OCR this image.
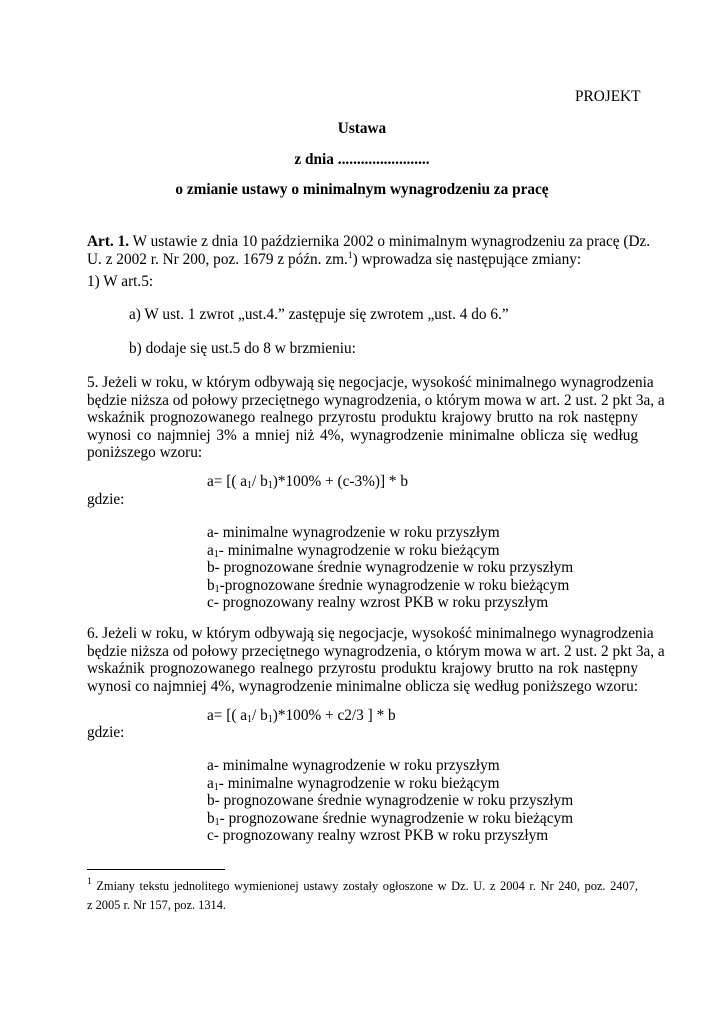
PROJEKT
Ustawa
z dnia ........................
o zmianie ustawy o minimalnym wynagrodzeniu za pracę
Art. 1. W ustawie z dnia 10 października 2002 o minimalnym wynagrodzeniu za pracę (Dz.
U. z 2002 r. Nr 200, poz. 1679 z późn. zm.$^1$) wprowadza się następujące zmiany:
1) W art.5:
a) W ust. 1 zwrot „ust.4.” zastępuje się zwrotem „ust. 4 do 6.”
b) dodaje się ust.5 do 8 w brzmieniu:
5. Jeżeli w roku, w którym odbywają się negocjacje, wysokość minimalnego wynagrodzenia
będzie niższa od połowy przeciętnego wynagrodzenia, o którym mowa w art. 2 ust. 2 pkt 3a, a
wskaźnik prognozowanego realnego przyrostu produktu krajowy brutto na rok następny
wynosi co najmniej 3% a mniej niż 4%, wynagrodzenie minimalne oblicza się według
poniższego wzoru:
a= [( $a_1/$ $b_1)*100\% + (c-3\%)] * b$
gdzie:
a- minimalne wynagrodzenie w roku przyszłym
$a_1-$ minimalne wynagrodzenie w roku bieżącym
b- prognozowane średnie wynagrodzenie w roku przyszłym
$b_1$-prognozowane średnie wynagrodzenie w roku bieżącym
c- prognozowany realny wzrost PKB w roku przyszłym
6. Jeżeli w roku, w którym odbywają się negocjacje, wysokość minimalnego wynagrodzenia
będzie niższa od połowy przeciętnego wynagrodzenia, o którym mowa w art. 2 ust. 2 pkt 3a, a
wskaźnik prognozowanego realnego przyrostu produktu krajowy brutto na rok następny
wynosi co najmniej 4%, wynagrodzenie minimalne oblicza się według poniższego wzoru:
a= [( $a_1/$ $b_1)*100\% + c2/3$ ] * b
gdzie:
a- minimalne wynagrodzenie w roku przyszłym
$a_1-$ minimalne wynagrodzenie w roku bieżącym
b- prognozowane średnie wynagrodzenie w roku przyszłym
$b_1-$ prognozowane średnie wynagrodzenie w roku bieżącym
c- prognozowany realny wzrost PKB w roku przyszłym
$^1$ Zmiany tekstu jednolitego wymienionej ustawy zostały ogłoszone w Dz. U. z 2004 r. Nr 240, poz. 2407,
z 2005 r. Nr 157, poz. 1314.
